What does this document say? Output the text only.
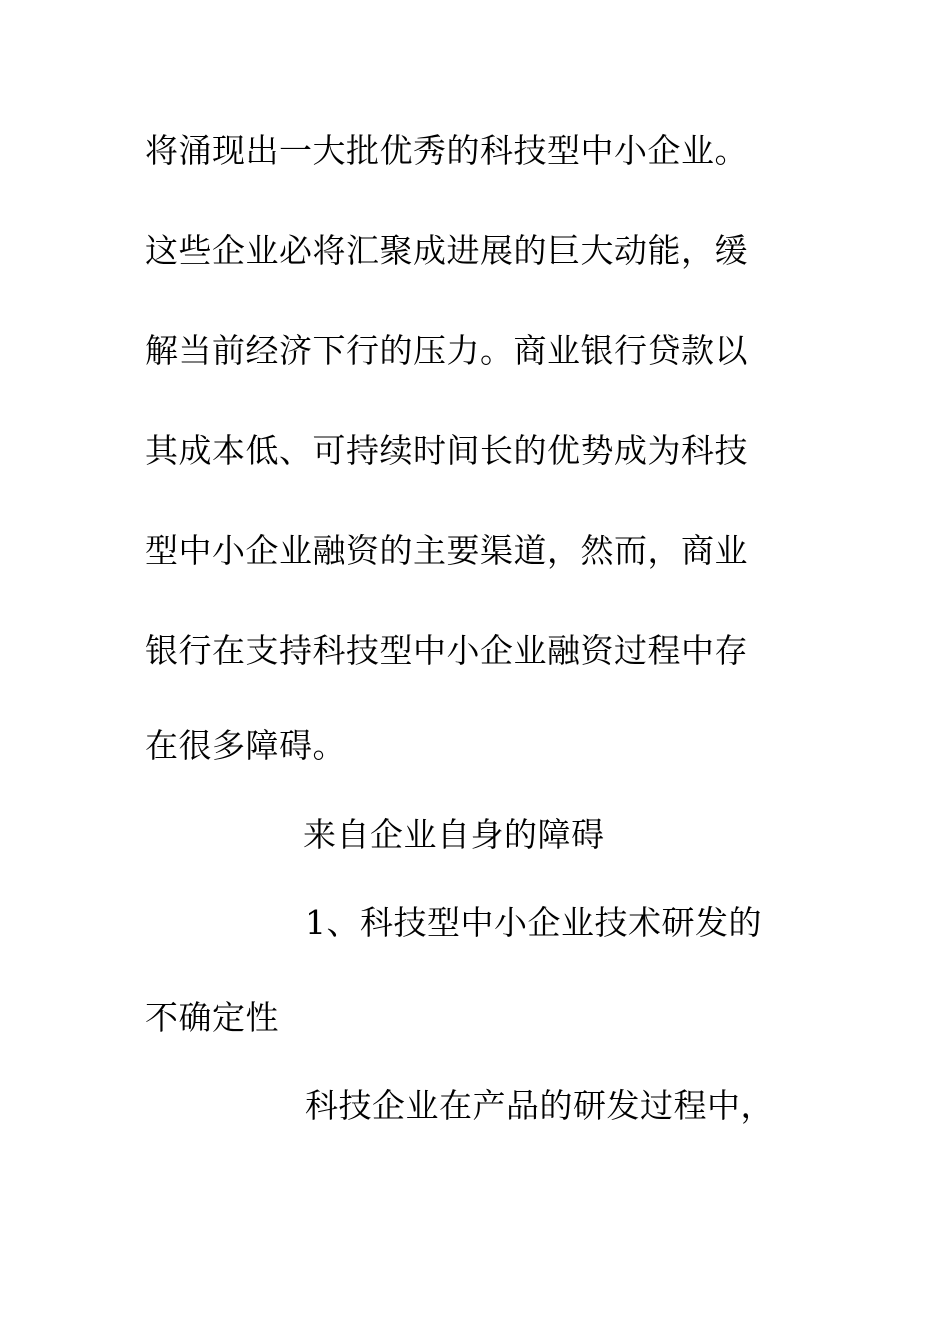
将涌现出一大批优秀的科技型中小企业。
这些企业必将汇聚成进展的巨大动能，缓
解当前经济下行的压力。商业银行贷款以
其成本低、可持续时间长的优势成为科技
型中小企业融资的主要渠道，然而，商业
银行在支持科技型中小企业融资过程中存
在很多障碍。
来自企业自身的障碍
1、科技型中小企业技术研发的
不确定性
科技企业在产品的研发过程中，
